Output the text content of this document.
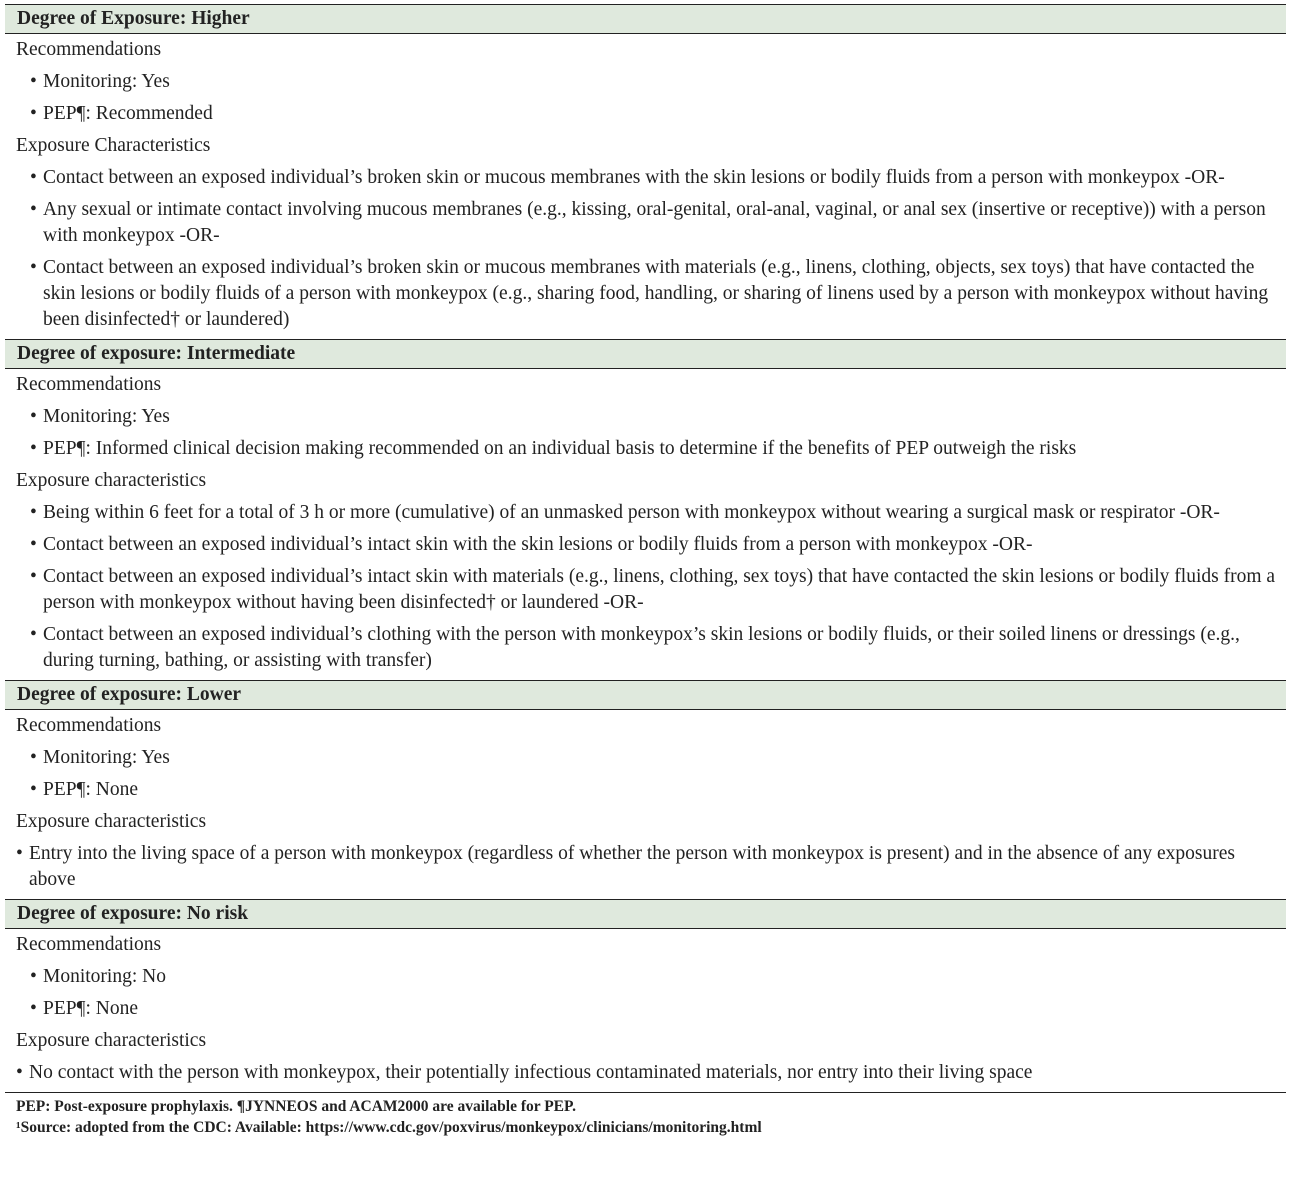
Degree of Exposure: Higher
Recommendations
• Monitoring: Yes
• PEP¶: Recommended
Exposure Characteristics
• Contact between an exposed individual’s broken skin or mucous membranes with the skin lesions or bodily fluids from a person with monkeypox -OR-
• Any sexual or intimate contact involving mucous membranes (e.g., kissing, oral-genital, oral-anal, vaginal, or anal sex (insertive or receptive)) with a person with monkeypox -OR-
• Contact between an exposed individual’s broken skin or mucous membranes with materials (e.g., linens, clothing, objects, sex toys) that have contacted the skin lesions or bodily fluids of a person with monkeypox (e.g., sharing food, handling, or sharing of linens used by a person with monkeypox without having been disinfected† or laundered)
Degree of exposure: Intermediate
Recommendations
• Monitoring: Yes
• PEP¶: Informed clinical decision making recommended on an individual basis to determine if the benefits of PEP outweigh the risks
Exposure characteristics
• Being within 6 feet for a total of 3 h or more (cumulative) of an unmasked person with monkeypox without wearing a surgical mask or respirator -OR-
• Contact between an exposed individual’s intact skin with the skin lesions or bodily fluids from a person with monkeypox -OR-
• Contact between an exposed individual’s intact skin with materials (e.g., linens, clothing, sex toys) that have contacted the skin lesions or bodily fluids from a person with monkeypox without having been disinfected† or laundered -OR-
• Contact between an exposed individual’s clothing with the person with monkeypox’s skin lesions or bodily fluids, or their soiled linens or dressings (e.g., during turning, bathing, or assisting with transfer)
Degree of exposure: Lower
Recommendations
• Monitoring: Yes
• PEP¶: None
Exposure characteristics
• Entry into the living space of a person with monkeypox (regardless of whether the person with monkeypox is present) and in the absence of any exposures above
Degree of exposure: No risk
Recommendations
• Monitoring: No
• PEP¶: None
Exposure characteristics
• No contact with the person with monkeypox, their potentially infectious contaminated materials, nor entry into their living space
PEP: Post-exposure prophylaxis. ¶JYNNEOS and ACAM2000 are available for PEP.
¹Source: adopted from the CDC: Available: https://www.cdc.gov/poxvirus/monkeypox/clinicians/monitoring.html
